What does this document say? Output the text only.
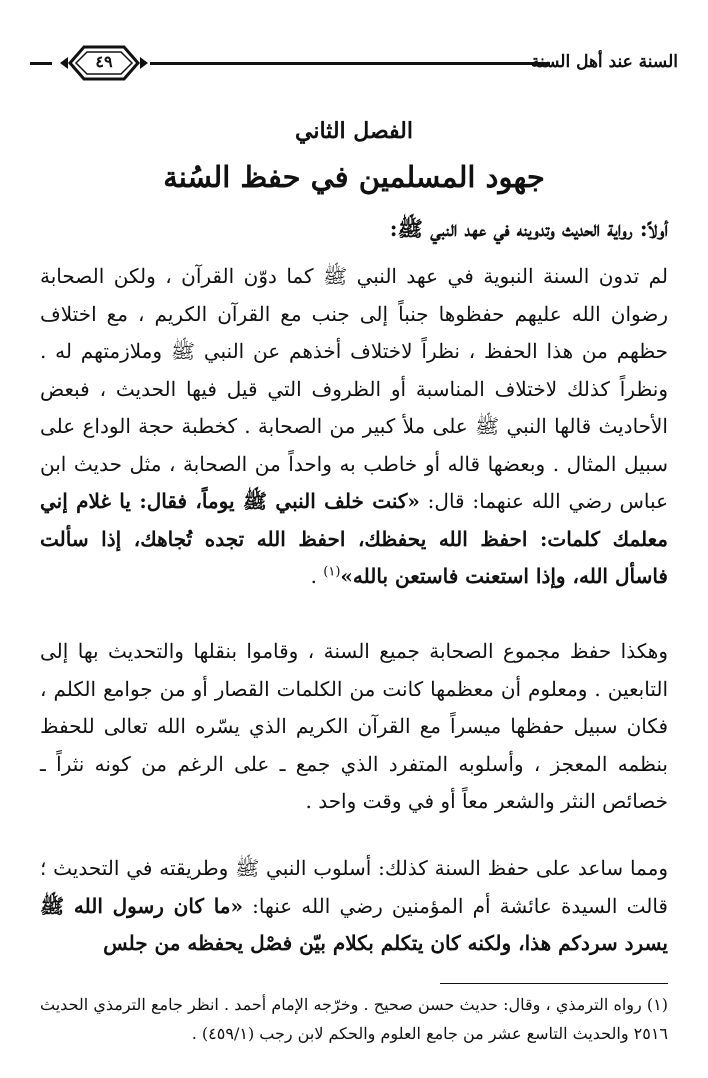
٤٩	السنة عند أهل السنة
الفصل الثاني
جهود المسلمين في حفظ السُنة
أولاً: رواية الحديث وتدوينه في عهد النبي ﷺ:
لم تدون السنة النبوية في عهد النبي ﷺ كما دوّن القرآن ، ولكن الصحابة رضوان الله عليهم حفظوها جنباً إلى جنب مع القرآن الكريم ، مع اختلاف حظهم من هذا الحفظ ، نظراً لاختلاف أخذهم عن النبي ﷺ وملازمتهم له . ونظراً كذلك لاختلاف المناسبة أو الظروف التي قيل فيها الحديث ، فبعض الأحاديث قالها النبي ﷺ على ملأ كبير من الصحابة . كخطبة حجة الوداع على سبيل المثال . وبعضها قاله أو خاطب به واحداً من الصحابة ، مثل حديث ابن عباس رضي الله عنهما: قال: «كنت خلف النبي ﷺ يوماً، فقال: يا غلام إني معلمك كلمات: احفظ الله يحفظك، احفظ الله تجده تُجاهك، إذا سألت فاسأل الله، وإذا استعنت فاستعن بالله»$^{(١)}$ .
وهكذا حفظ مجموع الصحابة جميع السنة ، وقاموا بنقلها والتحديث بها إلى التابعين . ومعلوم أن معظمها كانت من الكلمات القصار أو من جوامع الكلم ، فكان سبيل حفظها ميسراً مع القرآن الكريم الذي يسّره الله تعالى للحفظ بنظمه المعجز ، وأسلوبه المتفرد الذي جمع ـ على الرغم من كونه نثراً ـ خصائص النثر والشعر معاً أو في وقت واحد .
ومما ساعد على حفظ السنة كذلك: أسلوب النبي ﷺ وطريقته في التحديث ؛ قالت السيدة عائشة أم المؤمنين رضي الله عنها: «ما كان رسول الله ﷺ يسرد سردكم هذا، ولكنه كان يتكلم بكلام بيّن فصْل يحفظه من جلس
(١) رواه الترمذي ، وقال: حديث حسن صحيح . وخرّجه الإمام أحمد . انظر جامع الترمذي الحديث ٢٥١٦ والحديث التاسع عشر من جامع العلوم والحكم لابن رجب (٤٥٩/١) .
